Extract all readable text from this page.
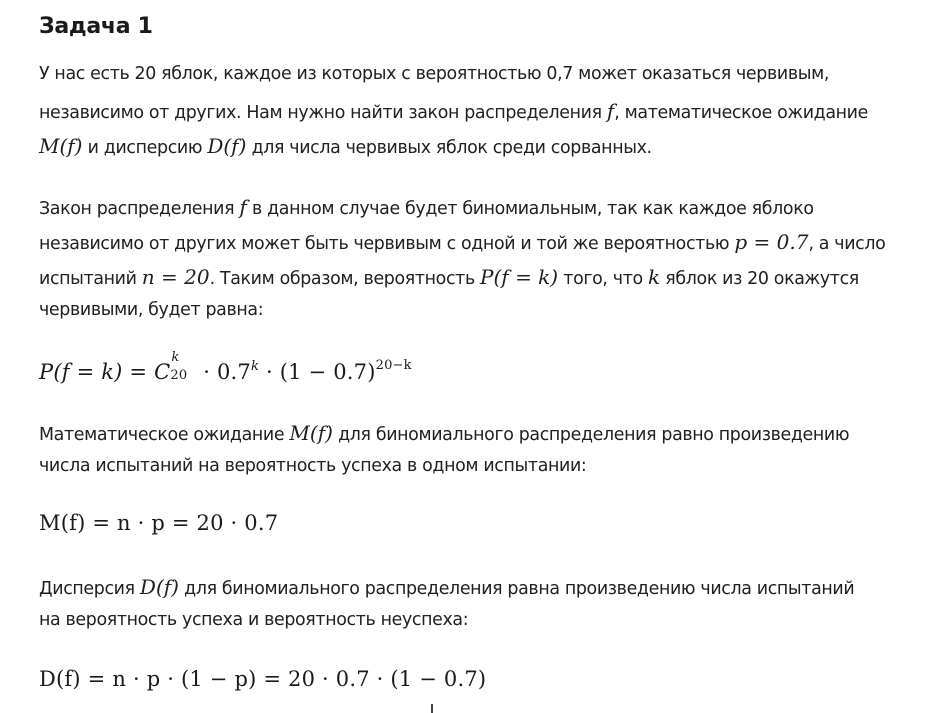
Задача 1
У нас есть 20 яблок, каждое из которых с вероятностью 0,7 может оказаться червивым,
независимо от других. Нам нужно найти закон распределения f, математическое ожидание
M(f) и дисперсию D(f) для числа червивых яблок среди сорванных.
Закон распределения f в данном случае будет биномиальным, так как каждое яблоко
независимо от других может быть червивым с одной и той же вероятностью p = 0.7, а число
испытаний n = 20. Таким образом, вероятность P(f = k) того, что k яблок из 20 окажутся
червивыми, будет равна:
P(f = k) = C
k
$20 \cdot 0.7^k \cdot (1 - 0.7)^{20-k}$
Математическое ожидание M(f) для биномиального распределения равно произведению
числа испытаний на вероятность успеха в одном испытании:
M(f) = n · p = 20 · 0.7
Дисперсия D(f) для биномиального распределения равна произведению числа испытаний
на вероятность успеха и вероятность неуспеха:
D(f) = n · p · (1 − p) = 20 · 0.7 · (1 − 0.7)
